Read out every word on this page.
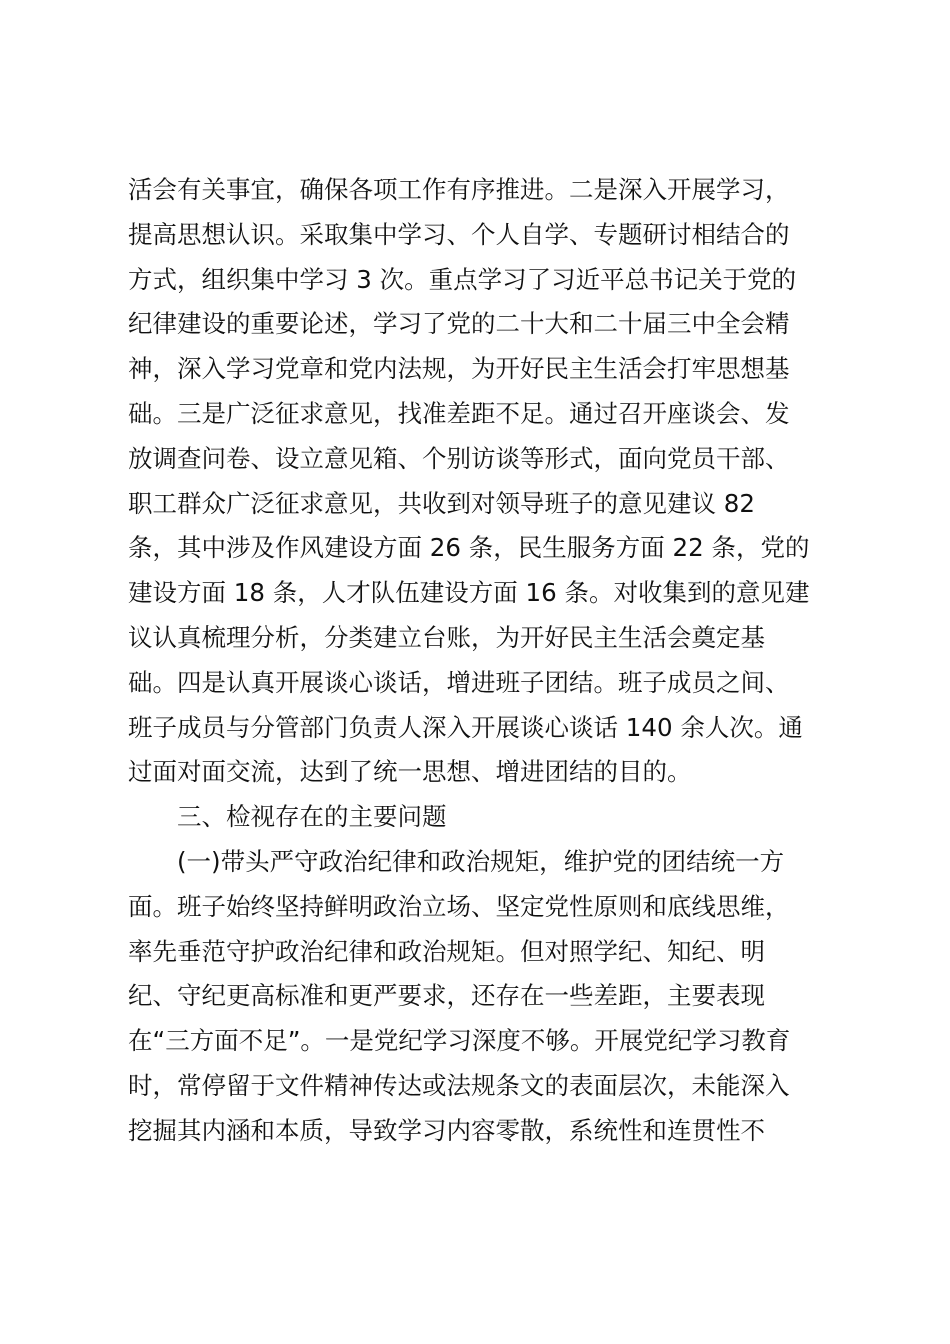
活会有关事宜，确保各项工作有序推进。二是深入开展学习，
提高思想认识。采取集中学习、个人自学、专题研讨相结合的
方式，组织集中学习 3 次。重点学习了习近平总书记关于党的
纪律建设的重要论述，学习了党的二十大和二十届三中全会精
神，深入学习党章和党内法规，为开好民主生活会打牢思想基
础。三是广泛征求意见，找准差距不足。通过召开座谈会、发
放调查问卷、设立意见箱、个别访谈等形式，面向党员干部、
职工群众广泛征求意见，共收到对领导班子的意见建议 82
条，其中涉及作风建设方面 26 条，民生服务方面 22 条，党的
建设方面 18 条，人才队伍建设方面 16 条。对收集到的意见建
议认真梳理分析，分类建立台账，为开好民主生活会奠定基
础。四是认真开展谈心谈话，增进班子团结。班子成员之间、
班子成员与分管部门负责人深入开展谈心谈话 140 余人次。通
过面对面交流，达到了统一思想、增进团结的目的。
三、检视存在的主要问题
(一)带头严守政治纪律和政治规矩，维护党的团结统一方
面。班子始终坚持鲜明政治立场、坚定党性原则和底线思维，
率先垂范守护政治纪律和政治规矩。但对照学纪、知纪、明
纪、守纪更高标准和更严要求，还存在一些差距，主要表现
在“三方面不足”。一是党纪学习深度不够。开展党纪学习教育
时，常停留于文件精神传达或法规条文的表面层次，未能深入
挖掘其内涵和本质，导致学习内容零散，系统性和连贯性不
